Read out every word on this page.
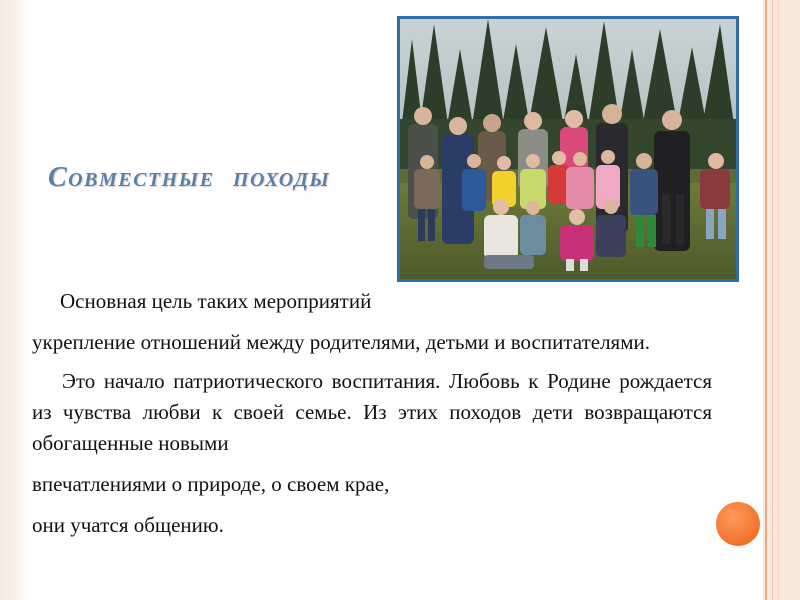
Совместные походы

Основная цель таких мероприятий

укрепление отношений между родителями, детьми и воспитателями.

Это начало патриотического воспитания. Любовь к Родине рождается из чувства любви к своей семье. Из этих походов дети возвращаются обогащенные новыми

впечатлениями о природе, о своем крае,

они учатся общению.
